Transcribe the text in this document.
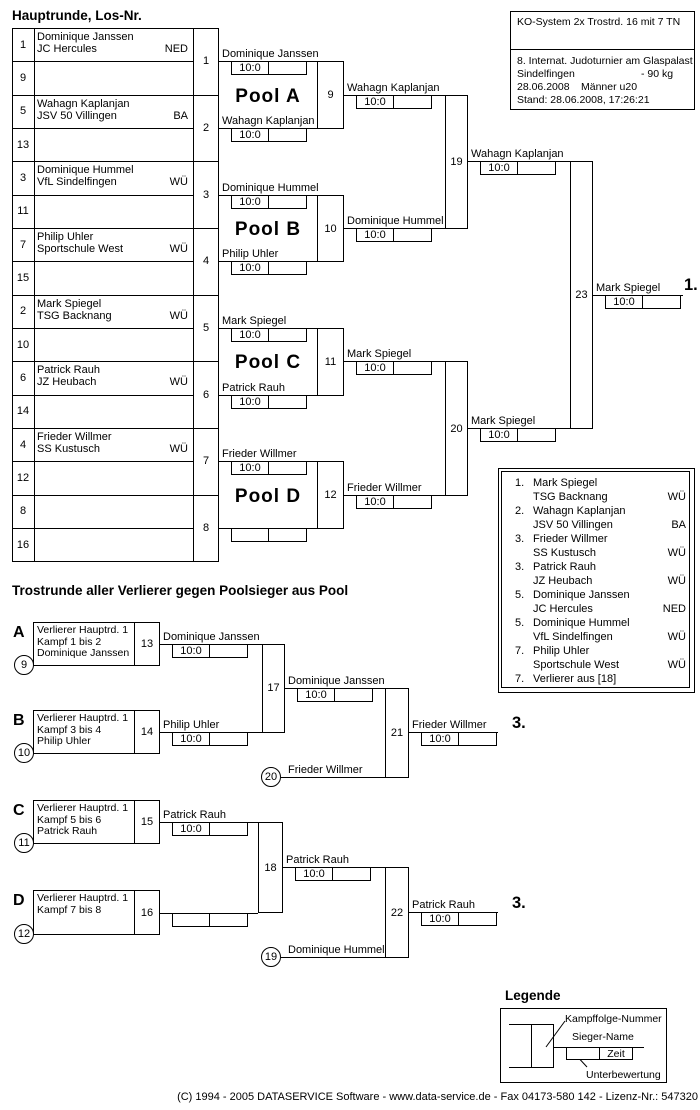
Hauptrunde, Los-Nr.	KO-System 2x Trostrd. 16 mit 7 TN
8. Internat. Judoturnier am Glaspalast
Sindelfingen	- 90 kg
28.06.2008 Männer u20
Stand: 28.06.2008, 17:26:21
Trostrunde aller Verlierer gegen Poolsieger aus Pool
1. Mark Spiegel
TSG Backnang	WÜ
2. Wahagn Kaplanjan
JSV 50 Villingen	BA
3. Frieder Willmer
SS Kustusch	WÜ
3. Patrick Rauh
JZ Heubach	WÜ
5. Dominique Janssen
JC Hercules	NED
5. Dominique Hummel
VfL Sindelfingen	WÜ
7. Philip Uhler
Sportschule West	WÜ
7. Verlierer aus [18]
Legende
Zeit
Kampffolge-Nummer
Sieger-Name
Unterbewertung
(C) 1994 - 2005 DATASERVICE Software - www.data-service.de - Fax 04173-580 142 - Lizenz-Nr.: 547320
1
Dominique Janssen
JC Hercules	NED
9
5
Wahagn Kaplanjan
JSV 50 Villingen	BA
13
3
Dominique Hummel
VfL Sindelfingen	WÜ
11
7
Philip Uhler
Sportschule West	WÜ
15
2
Mark Spiegel
TSG Backnang	WÜ
10
6
Patrick Rauh
JZ Heubach	WÜ
14
4
Frieder Willmer
SS Kustusch	WÜ
12
8
16
1
2
3
4
5
6
7
8
9
Dominique Janssen
10:0
Wahagn Kaplanjan
10:0
Pool A	Wahagn Kaplanjan
10:0
10
Dominique Hummel
10:0
Philip Uhler
10:0
Pool B	Dominique Hummel
10:0
11
Mark Spiegel
10:0
Patrick Rauh
10:0
Pool C	Mark Spiegel
10:0
12
Frieder Willmer
10:0
Pool D	Frieder Willmer
10:0
19
Wahagn Kaplanjan
10:0
20
Mark Spiegel
10:0
23
Mark Spiegel
10:0
1.
A Verlierer Hauptrd. 1
Kampf 1 bis 2
Dominique Janssen
13
9
Dominique Janssen
10:0
B Verlierer Hauptrd. 1
Kampf 3 bis 4
Philip Uhler
14
10
Philip Uhler
10:0
C Verlierer Hauptrd. 1
Kampf 5 bis 6
Patrick Rauh
15
11
Patrick Rauh
10:0
D Verlierer Hauptrd. 1
Kampf 7 bis 8	16
12
17
Dominique Janssen
10:0
18
Patrick Rauh
10:0
20
Frieder Willmer
19
Dominique Hummel
21
Frieder Willmer
10:0
3.
22
Patrick Rauh
10:0
3.
